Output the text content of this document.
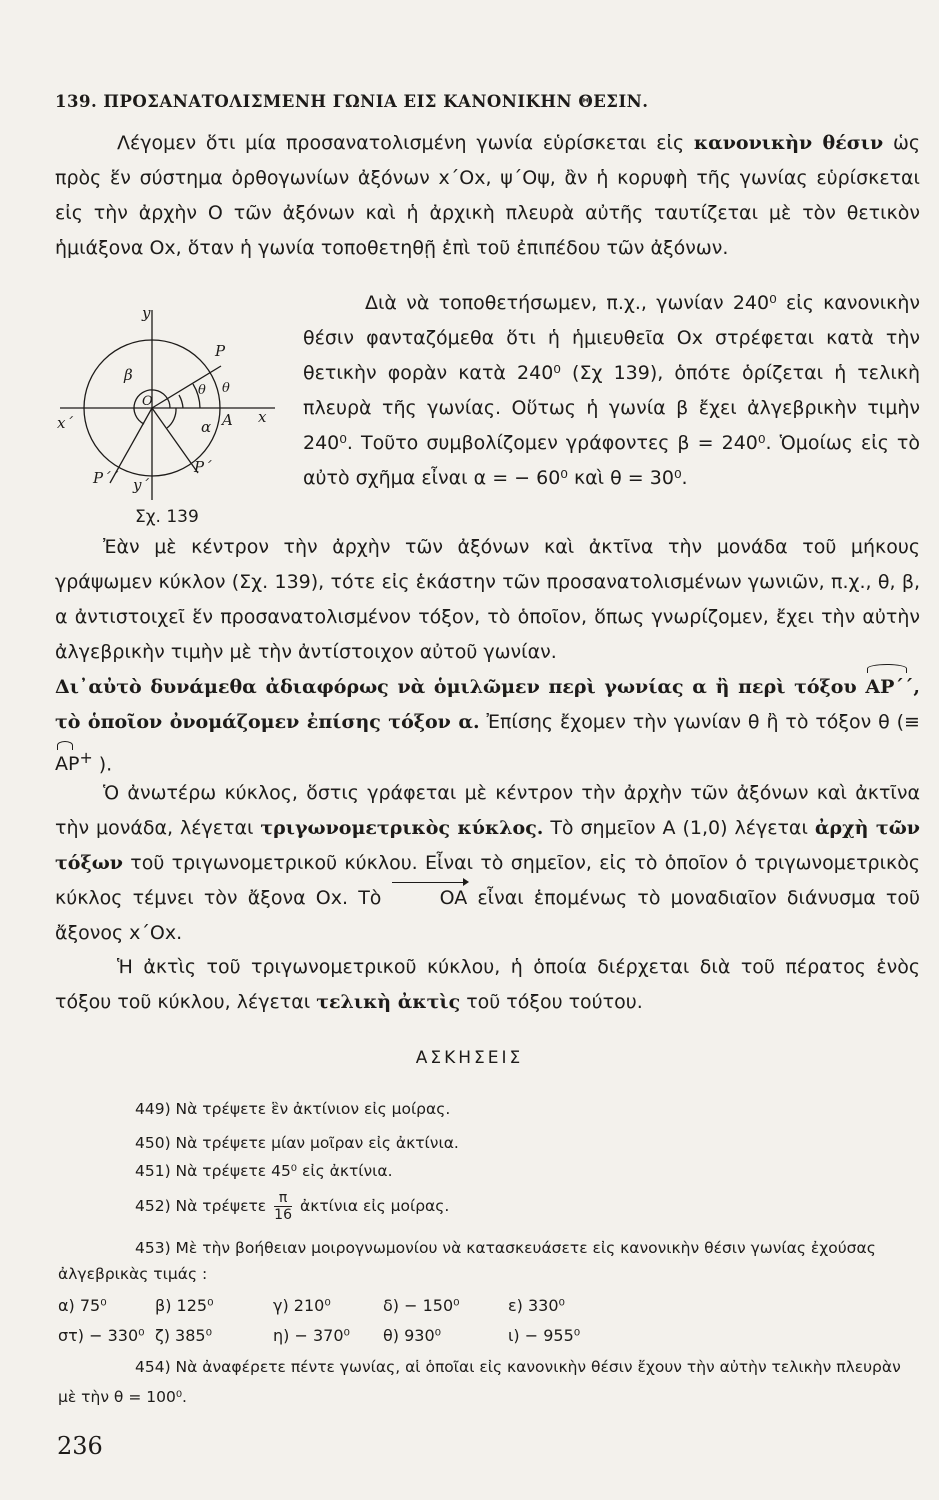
139. ΠΡΟΣΑΝΑΤΟΛΙΣΜΕΝΗ ΓΩΝΙΑ ΕΙΣ ΚΑΝΟΝΙΚΗΝ ΘΕΣΙΝ.
Λέγομεν ὅτι μία προσανατολισμένη γωνία εὑρίσκεται εἰς κανονικὴν θέσιν ὡς πρὸς ἕν σύστημα ὀρθογωνίων ἀξόνων x΄Ox, ψ΄Oψ, ἂν ἡ κορυφὴ τῆς γωνίας εὑρίσκεται εἰς τὴν ἀρχὴν O τῶν ἀξόνων καὶ ἡ ἀρχικὴ πλευρὰ αὐτῆς ταυτίζεται μὲ τὸν θετικὸν ἡμιάξονα Ox, ὅταν ἡ γωνία τοποθετηθῇ ἐπὶ τοῦ ἐπιπέδου τῶν ἀξόνων.
y
y΄
x
x΄
P
P΄΄
P΄
A
O
β
θ θ
α
Σχ. 139
Διὰ νὰ τοποθετήσωμεν, π.χ., γωνίαν 240⁰ εἰς κανονικὴν θέσιν φανταζόμεθα ὅτι ἡ ἡμιευθεῖα Ox στρέφεται κατὰ τὴν θετικὴν φορὰν κατὰ 240⁰ (Σχ 139), ὁπότε ὁρίζεται ἡ τελικὴ πλευρὰ τῆς γωνίας. Οὕτως ἡ γωνία β ἔχει ἀλγεβρικὴν τιμὴν 240⁰. Τοῦτο συμβολίζομεν γράφοντες β = 240⁰. Ὁμοίως εἰς τὸ αὐτὸ σχῆμα εἶναι α = − 60⁰ καὶ θ = 30⁰.
Ἐὰν μὲ κέντρον τὴν ἀρχὴν τῶν ἀξόνων καὶ ἀκτῖνα τὴν μονάδα τοῦ μήκους γράψωμεν κύκλον (Σχ. 139), τότε εἰς ἑκάστην τῶν προσανατολισμένων γωνιῶν, π.χ., θ, β, α ἀντιστοιχεῖ ἕν προσανατολισμένον τόξον, τὸ ὁποῖον, ὅπως γνωρίζομεν, ἔχει τὴν αὐτὴν ἀλγεβρικὴν τιμὴν μὲ τὴν ἀντίστοιχον αὐτοῦ γωνίαν.
Δι᾽αὐτὸ δυνάμεθα ἀδιαφόρως νὰ ὁμιλῶμεν περὶ γωνίας α ἢ περὶ τόξου AP΄΄, τὸ ὁποῖον ὀνομάζομεν ἐπίσης τόξον α. Ἐπίσης ἔχομεν τὴν γωνίαν θ ἢ τὸ τόξον θ (≡ AP+ ).
Ὁ ἀνωτέρω κύκλος, ὅστις γράφεται μὲ κέντρον τὴν ἀρχὴν τῶν ἀξόνων καὶ ἀκτῖνα τὴν μονάδα, λέγεται τριγωνομετρικὸς κύκλος. Τὸ σημεῖον A (1,0) λέγεται ἀρχὴ τῶν τόξων τοῦ τριγωνομετρικοῦ κύκλου. Εἶναι τὸ σημεῖον, εἰς τὸ ὁποῖον ὁ τριγωνομετρικὸς κύκλος τέμνει τὸν ἄξονα Ox. Τὸ	OA εἶναι ἑπομένως τὸ μοναδιαῖον διάνυσμα τοῦ ἄξονος x΄Ox.
Ἡ ἀκτὶς τοῦ τριγωνομετρικοῦ κύκλου, ἡ ὁποία διέρχεται διὰ τοῦ πέρατος ἑνὸς τόξου τοῦ κύκλου, λέγεται τελικὴ ἀκτὶς τοῦ τόξου τούτου.
ΑΣΚΗΣΕΙΣ
449) Νὰ τρέψετε ἓν ἀκτίνιον εἰς μοίρας.
450) Νὰ τρέψετε μίαν μοῖραν εἰς ἀκτίνια.
451) Νὰ τρέψετε 45⁰ εἰς ἀκτίνια.
452) Νὰ τρέψετε $\frac{\pi}{16}$ ἀκτίνια εἰς μοίρας.
453) Μὲ τὴν βοήθειαν μοιρογνωμονίου νὰ κατασκευάσετε εἰς κανονικὴν θέσιν γωνίας ἐχούσας ἀλγεβρικὰς τιμάς :
α) 75⁰	β) 125⁰	γ) 210⁰	δ) − 150⁰	ε) 330⁰
στ) − 330⁰ ζ) 385⁰	η) − 370⁰ θ) 930⁰	ι) − 955⁰
454) Νὰ ἀναφέρετε πέντε γωνίας, αἱ ὁποῖαι εἰς κανονικὴν θέσιν ἔχουν τὴν αὐτὴν τελικὴν πλευρὰν μὲ τὴν θ = 100⁰.
236
